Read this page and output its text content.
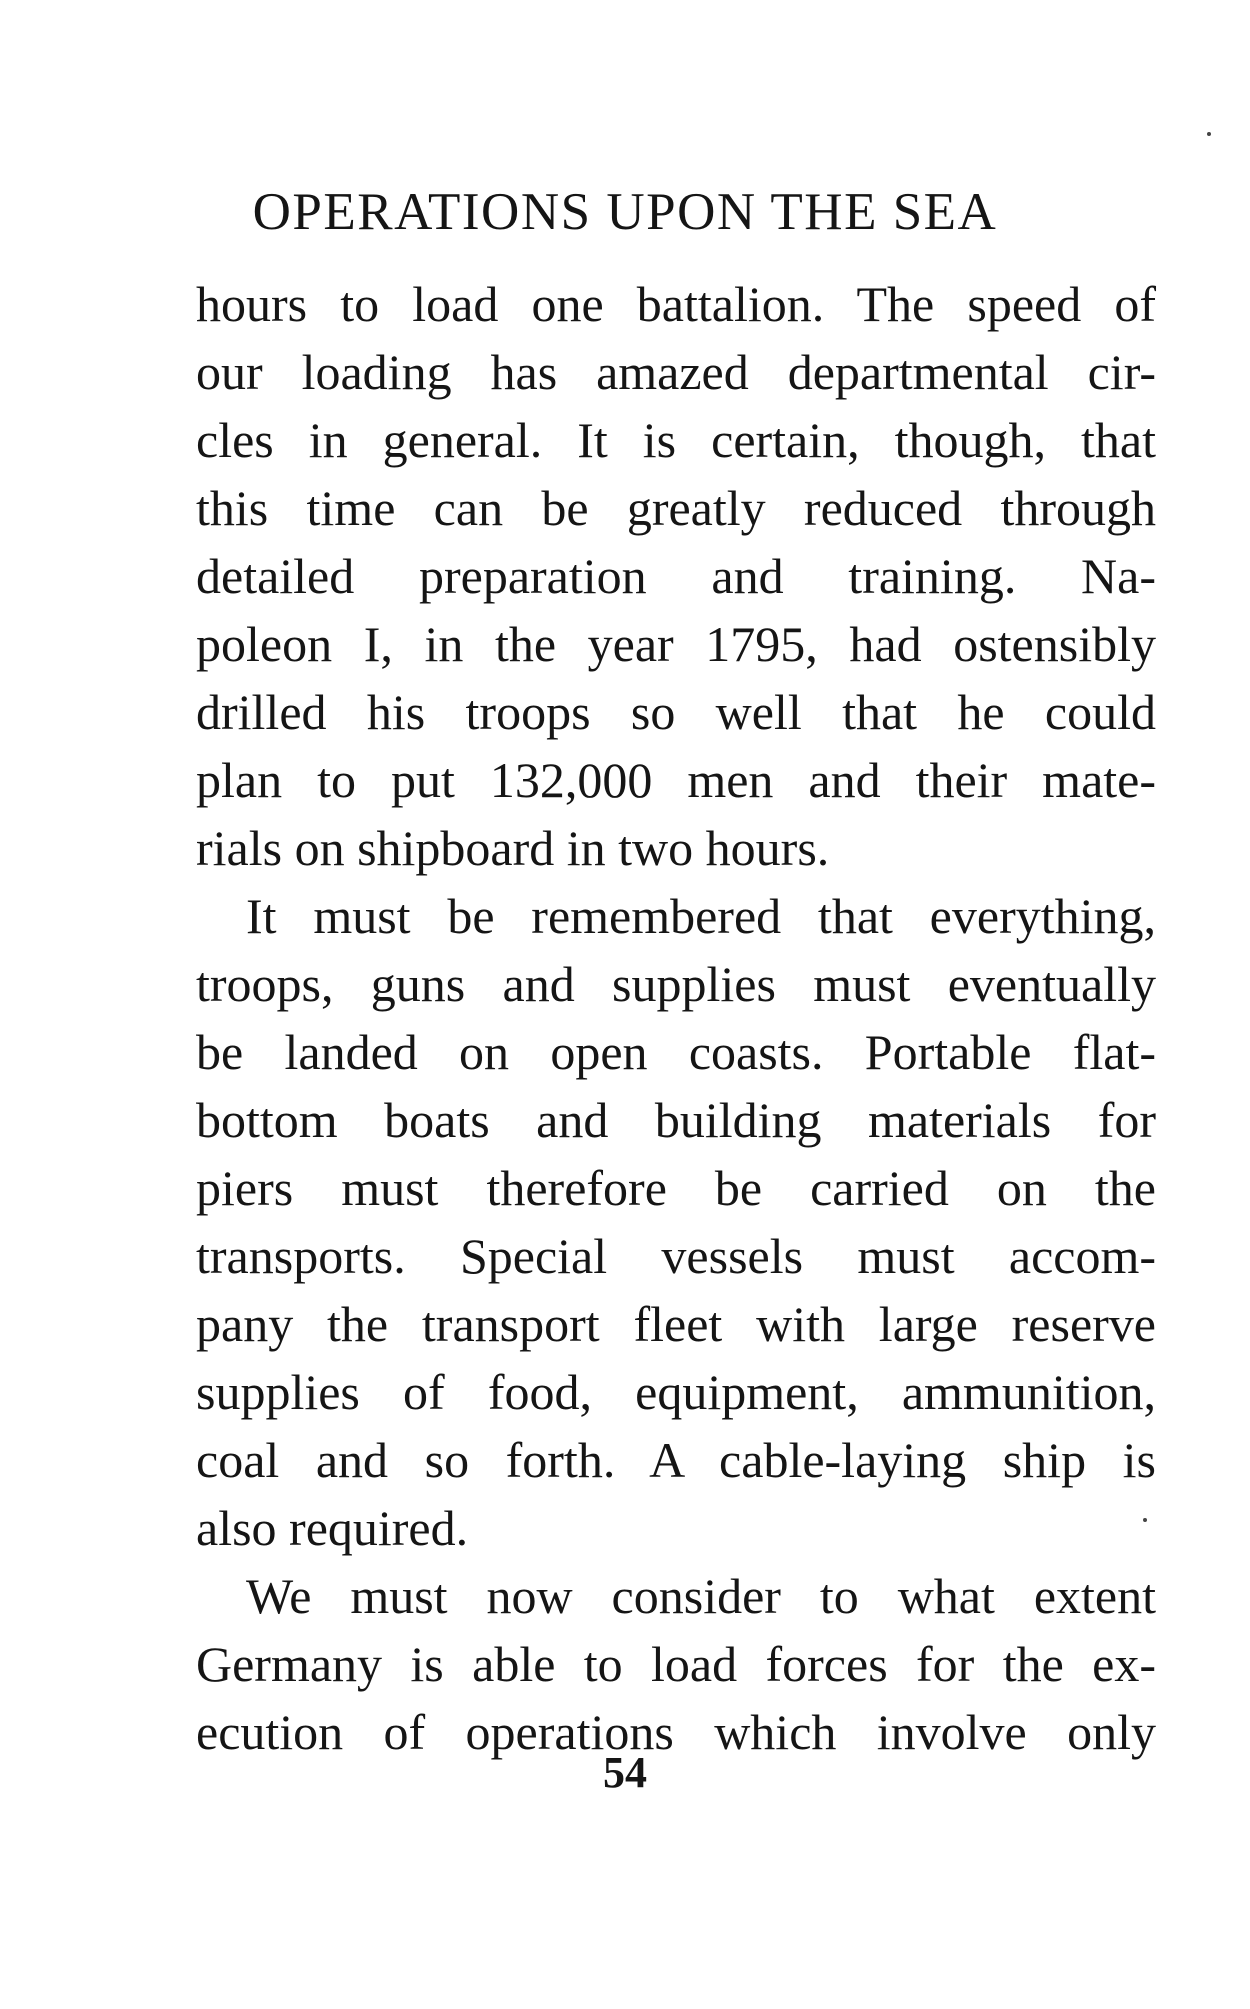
OPERATIONS UPON THE SEA
hours to load one battalion. The speed of
our loading has amazed departmental cir-
cles in general. It is certain, though, that
this time can be greatly reduced through
detailed preparation and training. Na-
poleon I, in the year 1795, had ostensibly
drilled his troops so well that he could
plan to put 132,000 men and their mate-
rials on shipboard in two hours.
It must be remembered that everything,
troops, guns and supplies must eventually
be landed on open coasts. Portable flat-
bottom boats and building materials for
piers must therefore be carried on the
transports. Special vessels must accom-
pany the transport fleet with large reserve
supplies of food, equipment, ammunition,
coal and so forth. A cable-laying ship is
also required.
We must now consider to what extent
Germany is able to load forces for the ex-
ecution of operations which involve only
54
